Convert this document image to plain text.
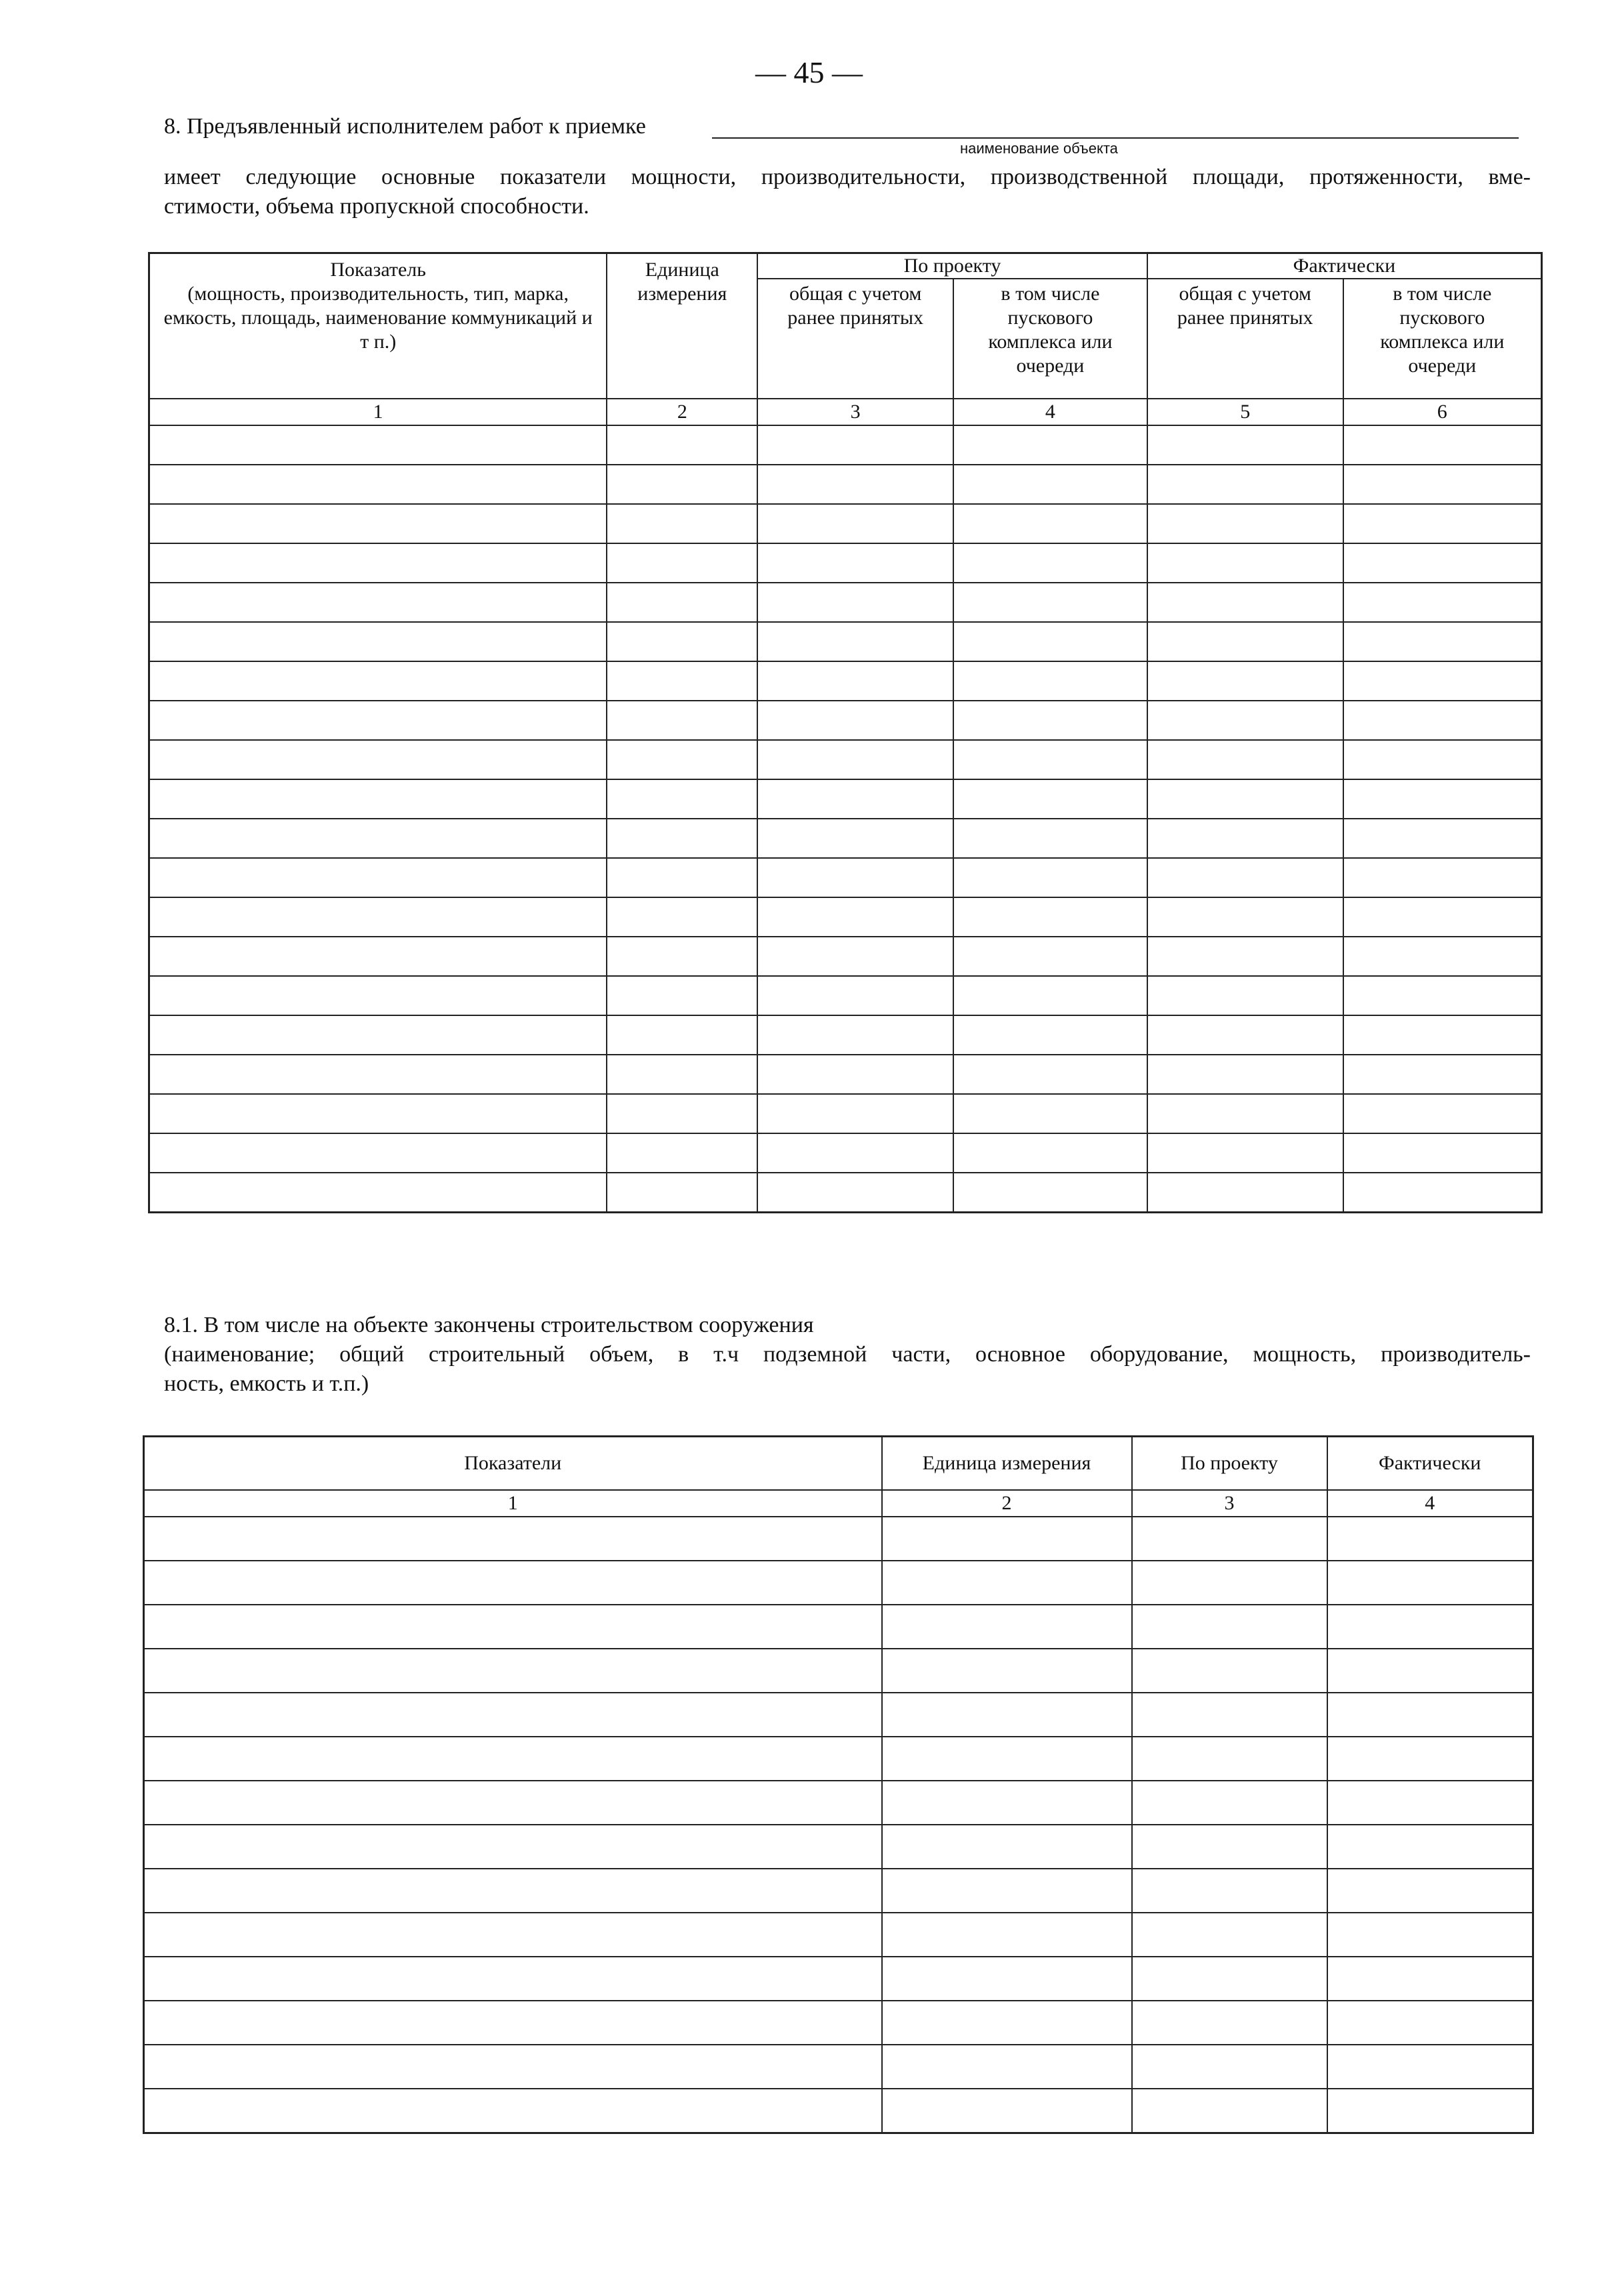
— 45 —
8. Предъявленный исполнителем работ к приемке
наименование объекта
имеет следующие основные показатели мощности, производительности, производственной площади, протяженности, вме-
стимости, объема пропускной способности.
Показатель
(мощность, производительность, тип, марка, емкость, площадь, наименование коммуникаций и т п.)	Единица измерения	По проекту		Фактически	
		общая с учетом ранее принятых	в том числе пускового комплекса или очереди	общая с учетом ранее принятых	в том числе пускового комплекса или очереди
1	2	3	4	5	6

8.1. В том числе на объекте закончены строительством сооружения
(наименование; общий строительный объем, в т.ч подземной части, основное оборудование, мощность, производитель-
ность, емкость и т.п.)
Показатели	Единица измерения	По проекту	Фактически
1	2	3	4
